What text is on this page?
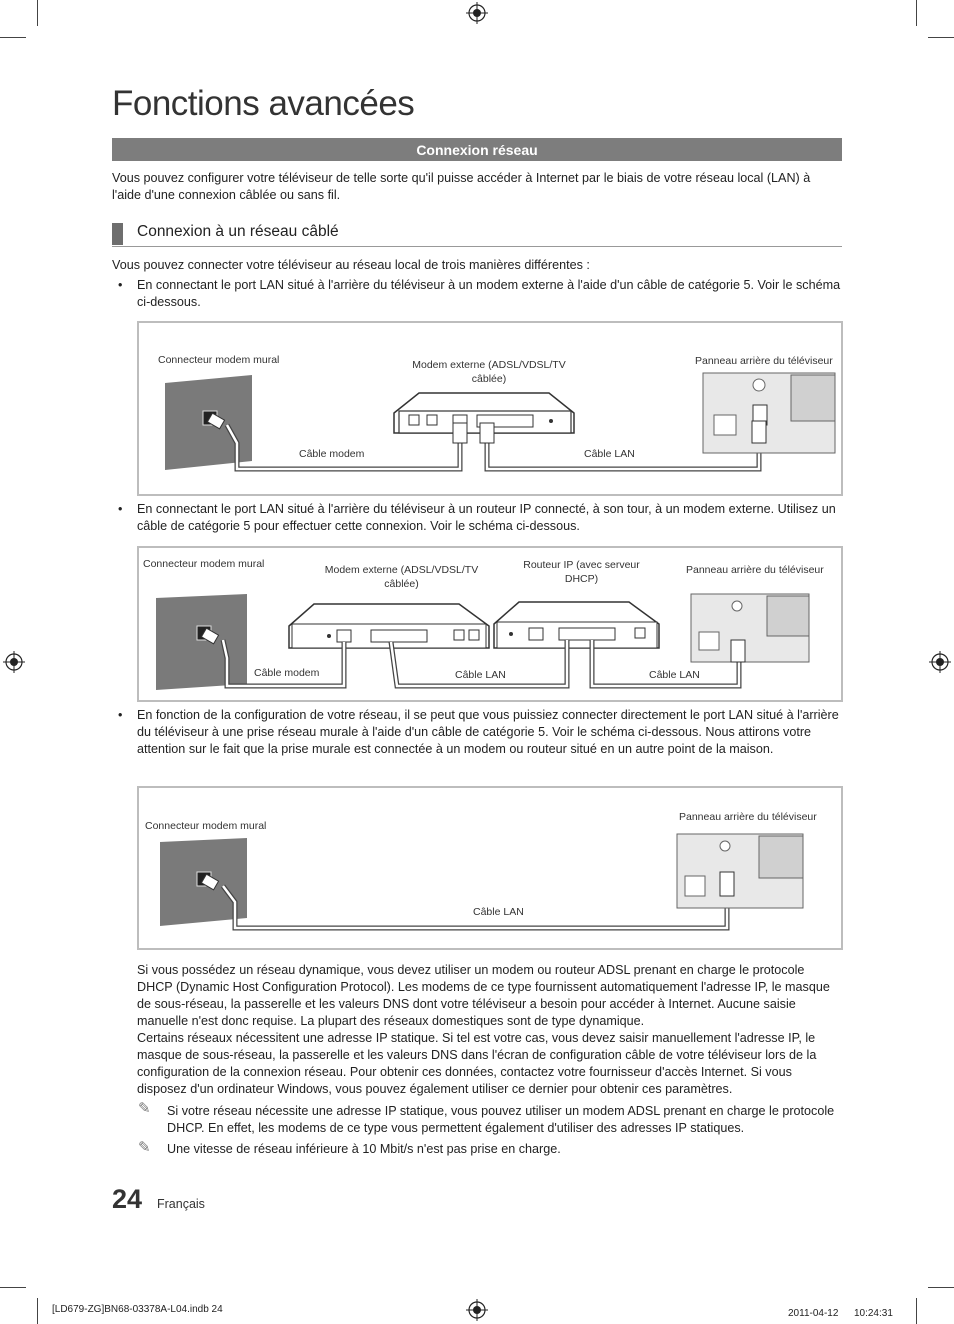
Fonctions avancées
Connexion réseau
Vous pouvez configurer votre téléviseur de telle sorte qu'il puisse accéder à Internet par le biais de votre réseau local (LAN) à l'aide d'une connexion câblée ou sans fil.
Connexion à un réseau câblé
Vous pouvez connecter votre téléviseur au réseau local de trois manières différentes :
• En connectant le port LAN situé à l'arrière du téléviseur à un modem externe à l'aide d'un câble de catégorie 5. Voir le schéma ci-dessous.
Connecteur modem mural	Modem externe (ADSL/VDSL/TV câblée)
Panneau arrière du téléviseur
Câble modem	Câble LAN
• En connectant le port LAN situé à l'arrière du téléviseur à un routeur IP connecté, à son tour, à un modem externe. Utilisez un câble de catégorie 5 pour effectuer cette connexion. Voir le schéma ci-dessous.
Connecteur modem mural	Modem externe (ADSL/VDSL/TV câblée)
Routeur IP (avec serveur DHCP)
Panneau arrière du téléviseur
Câble modem	Câble LAN	Câble LAN
• En fonction de la configuration de votre réseau, il se peut que vous puissiez connecter directement le port LAN situé à l'arrière du téléviseur à une prise réseau murale à l'aide d'un câble de catégorie 5. Voir le schéma ci-dessous. Nous attirons votre attention sur le fait que la prise murale est connectée à un modem ou routeur situé en un autre point de la maison.
Connecteur modem mural
Panneau arrière du téléviseur
Câble LAN
Si vous possédez un réseau dynamique, vous devez utiliser un modem ou routeur ADSL prenant en charge le protocole DHCP (Dynamic Host Configuration Protocol). Les modems de ce type fournissent automatiquement l'adresse IP, le masque de sous-réseau, la passerelle et les valeurs DNS dont votre téléviseur a besoin pour accéder à Internet. Aucune saisie manuelle n'est donc requise. La plupart des réseaux domestiques sont de type dynamique.
Certains réseaux nécessitent une adresse IP statique. Si tel est votre cas, vous devez saisir manuellement l'adresse IP, le masque de sous-réseau, la passerelle et les valeurs DNS dans l'écran de configuration câble de votre téléviseur lors de la configuration de la connexion réseau. Pour obtenir ces données, contactez votre fournisseur d'accès Internet. Si vous disposez d'un ordinateur Windows, vous pouvez également utiliser ce dernier pour obtenir ces paramètres.
✎ Si votre réseau nécessite une adresse IP statique, vous pouvez utiliser un modem ADSL prenant en charge le protocole DHCP. En effet, les modems de ce type vous permettent également d'utiliser des adresses IP statiques.
✎ Une vitesse de réseau inférieure à 10 Mbit/s n'est pas prise en charge.
24 Français
[LD679-ZG]BN68-03378A-L04.indb 24	2011-04-12 　 10:24:31
